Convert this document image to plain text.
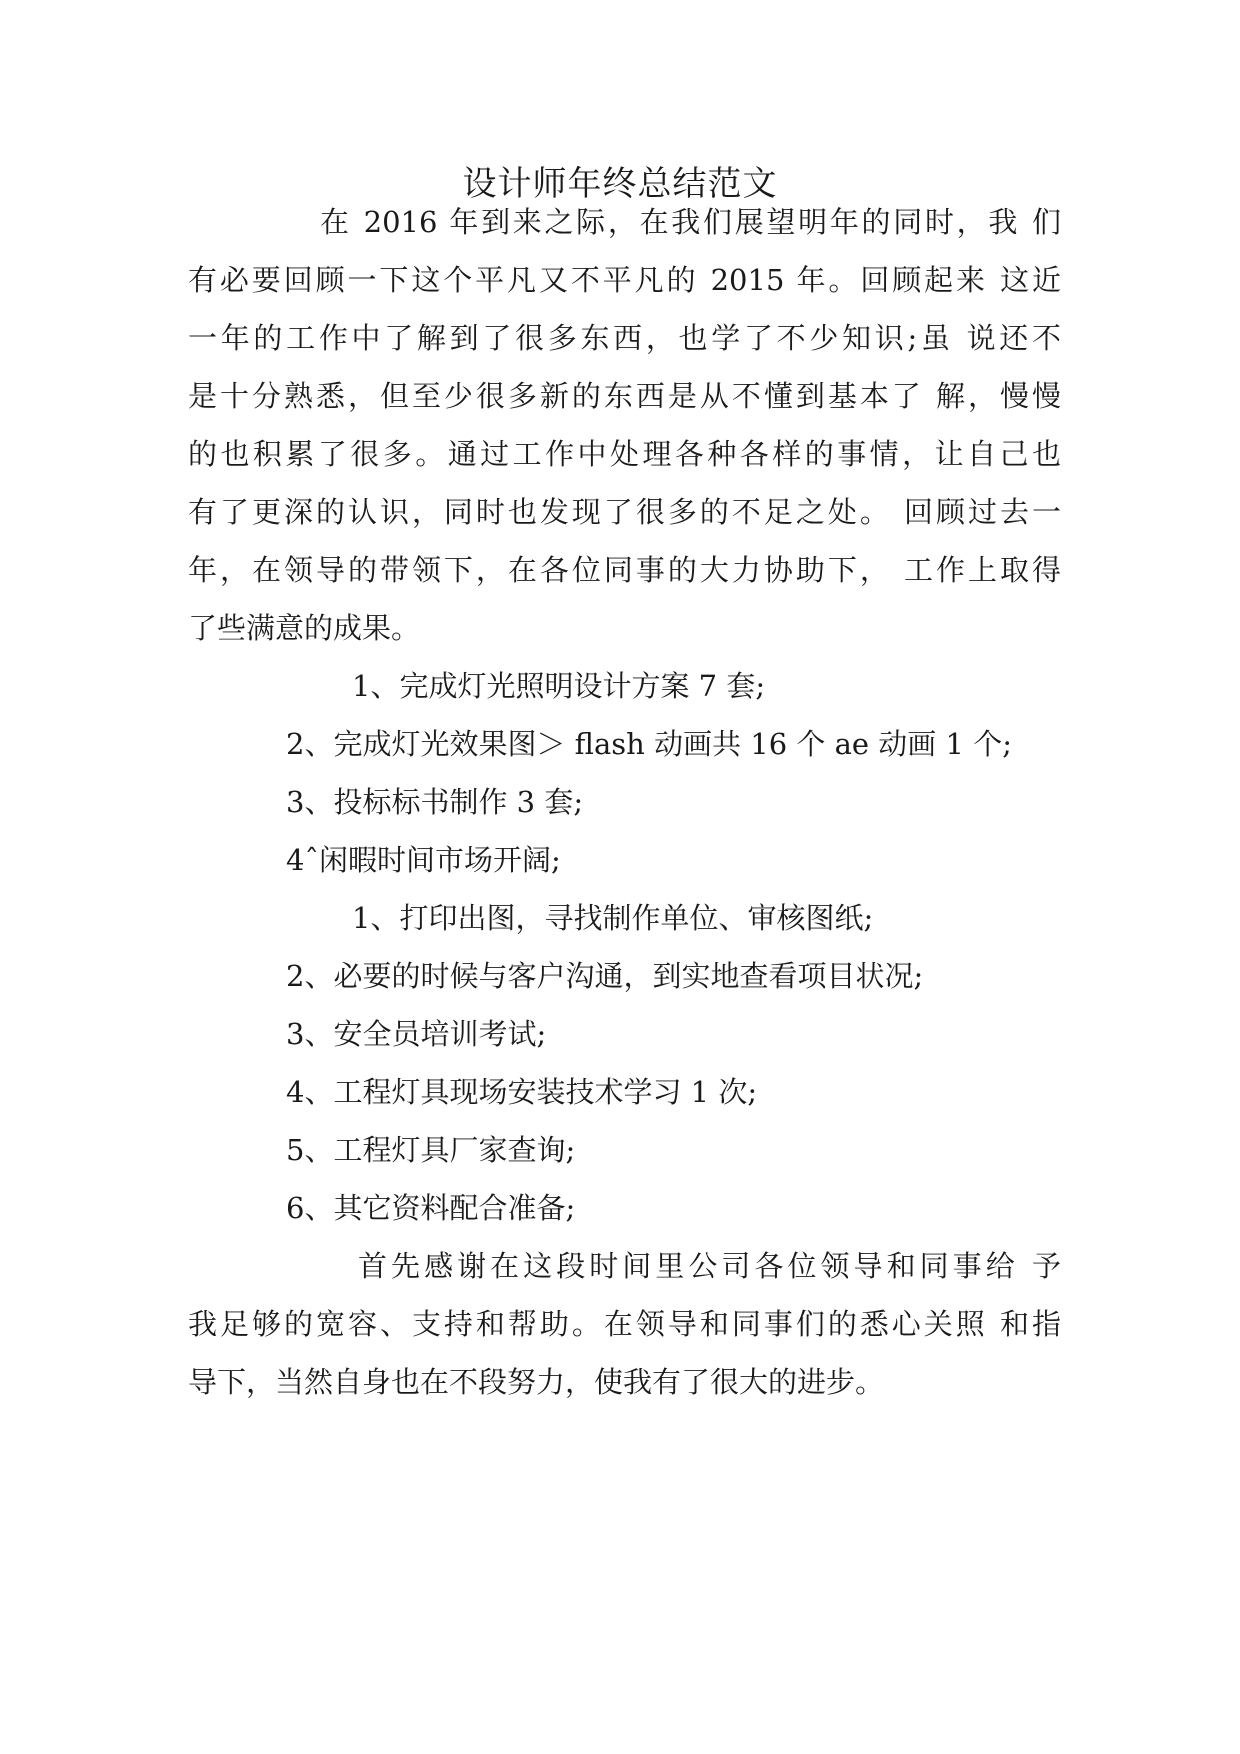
设计师年终总结范文
在 2016 年到来之际，在我们展望明年的同时，我 们
有必要回顾一下这个平凡又不平凡的 2015 年。回顾起来 这近
一年的工作中了解到了很多东西，也学了不少知识;虽 说还不
是十分熟悉，但至少很多新的东西是从不懂到基本了 解，慢慢
的也积累了很多。通过工作中处理各种各样的事情，让自己也
有了更深的认识，同时也发现了很多的不足之处。 回顾过去一
年，在领导的带领下，在各位同事的大力协助下， 工作上取得
了些满意的成果。
1、完成灯光照明设计方案 7 套;
2、完成灯光效果图＞ flash 动画共 16 个 ae 动画 1 个;
3、投标标书制作 3 套;
4ˆ闲暇时间市场开阔;
1、打印出图，寻找制作单位、审核图纸;
2、必要的时候与客户沟通，到实地查看项目状况;
3、安全员培训考试;
4、工程灯具现场安装技术学习 1 次;
5、工程灯具厂家查询;
6、其它资料配合准备;
首先感谢在这段时间里公司各位领导和同事给 予
我足够的宽容、支持和帮助。在领导和同事们的悉心关照 和指
导下，当然自身也在不段努力，使我有了很大的进步。
